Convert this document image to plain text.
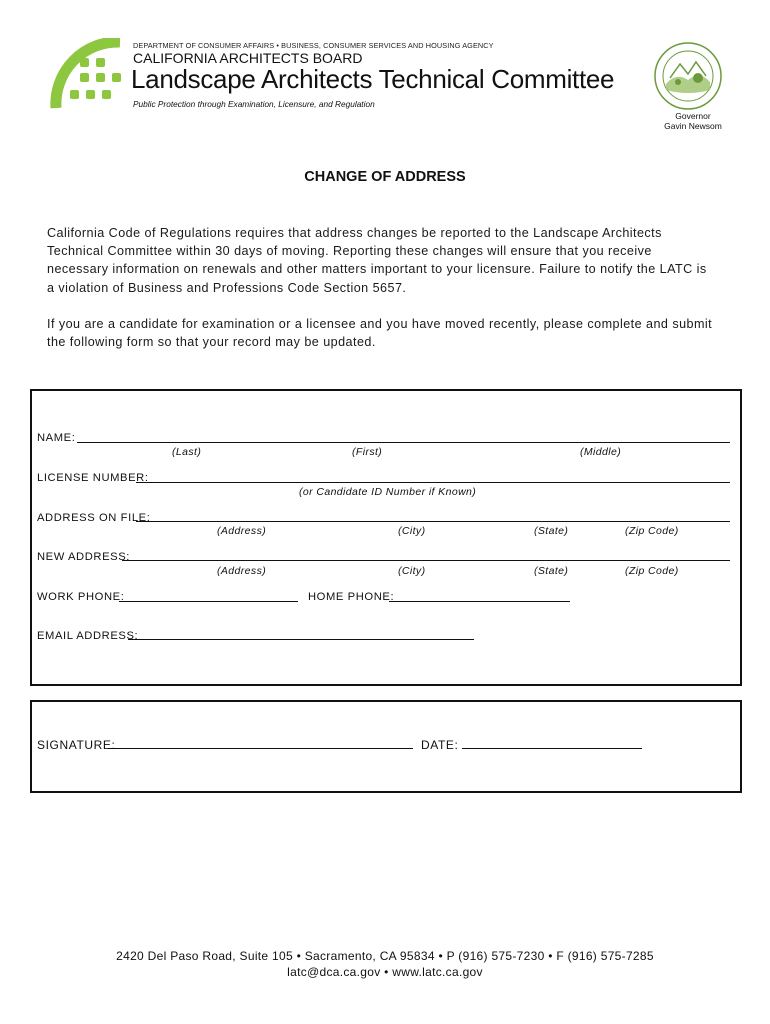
DEPARTMENT OF CONSUMER AFFAIRS • BUSINESS, CONSUMER SERVICES AND HOUSING AGENCY
CALIFORNIA ARCHITECTS BOARD
Landscape Architects Technical Committee
Public Protection through Examination, Licensure, and Regulation
Governor
Gavin Newsom
CHANGE OF ADDRESS
California Code of Regulations requires that address changes be reported to the Landscape Architects Technical Committee within 30 days of moving. Reporting these changes will ensure that you receive necessary information on renewals and other matters important to your licensure. Failure to notify the LATC is a violation of Business and Professions Code Section 5657.
If you are a candidate for examination or a licensee and you have moved recently, please complete and submit the following form so that your record may be updated.
NAME:
(Last)	(First)	(Middle)
LICENSE NUMBER:
(or Candidate ID Number if Known)
ADDRESS ON FILE:
(Address)	(City)	(State)	(Zip Code)
NEW ADDRESS:
(Address)	(City)	(State)	(Zip Code)
WORK PHONE:	HOME PHONE:
EMAIL ADDRESS:
SIGNATURE:	DATE:
2420 Del Paso Road, Suite 105 • Sacramento, CA 95834 • P (916) 575-7230 • F (916) 575-7285
latc@dca.ca.gov • www.latc.ca.gov
